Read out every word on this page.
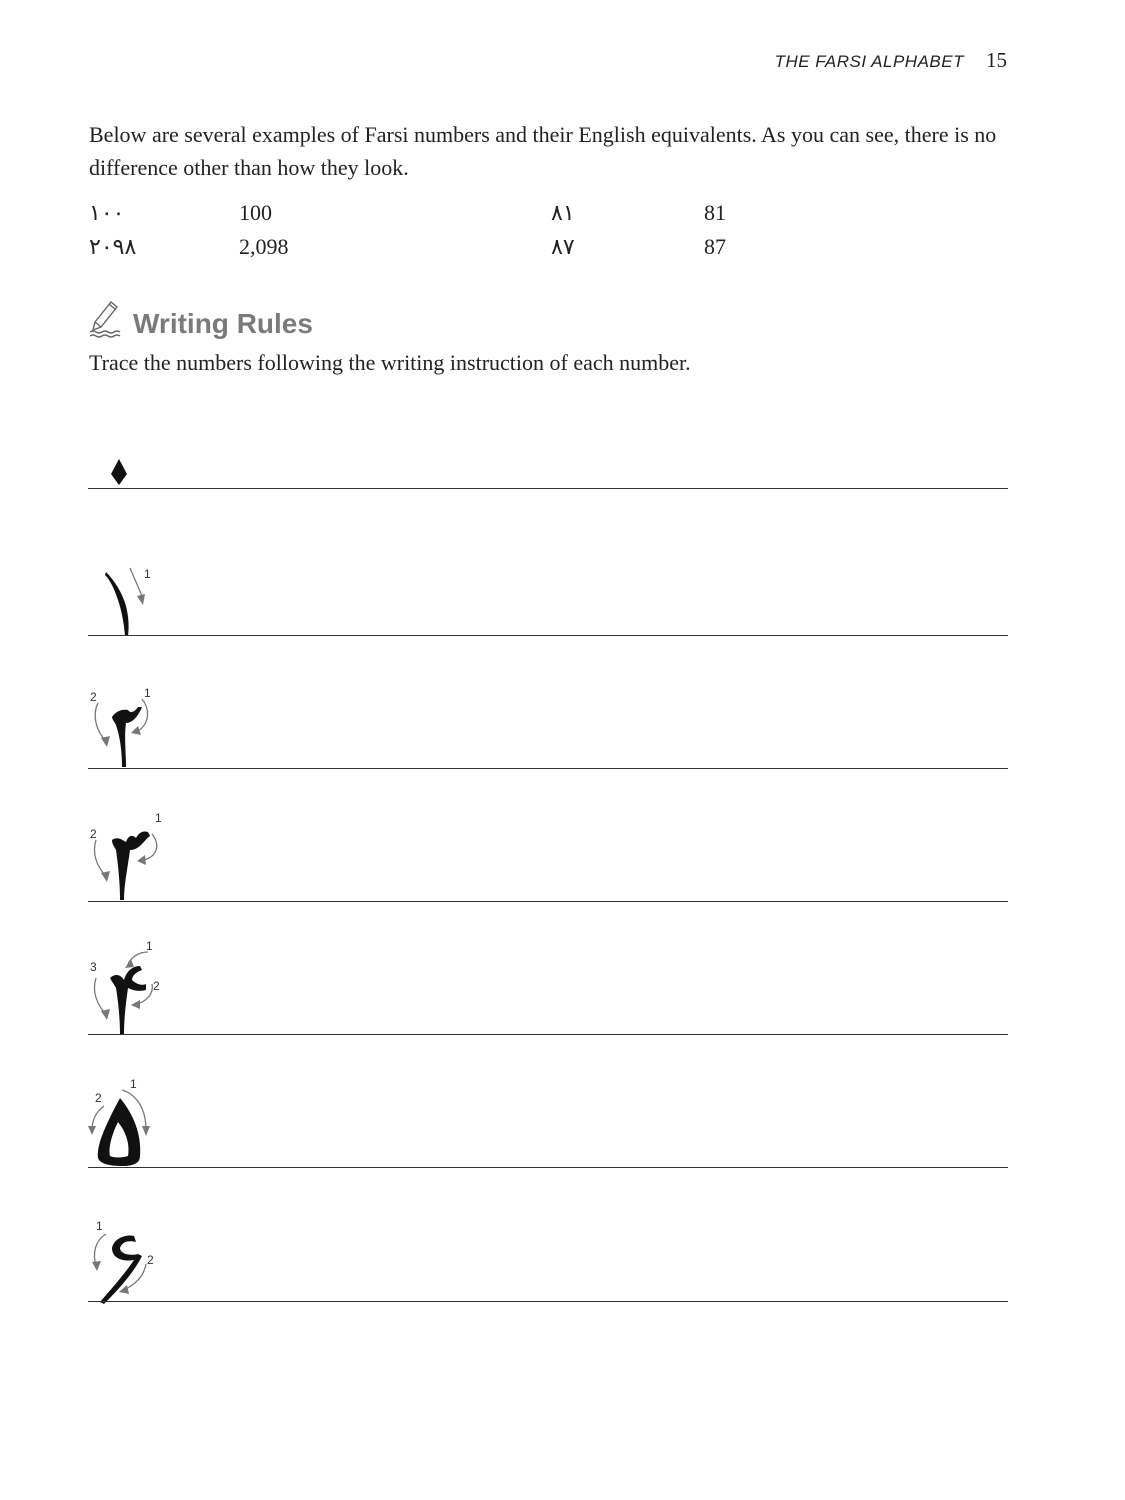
THE FARSI ALPHABET 15

Below are several examples of Farsi numbers and their English equivalents. As you can see, there is no difference other than how they look.

۱۰۰	100	۸۱	81
۲۰۹۸	2,098	۸۷	87
Writing Rules

Trace the numbers following the writing instruction of each number.

1
1
2
1
2
1
2
3
1
2
1
2
